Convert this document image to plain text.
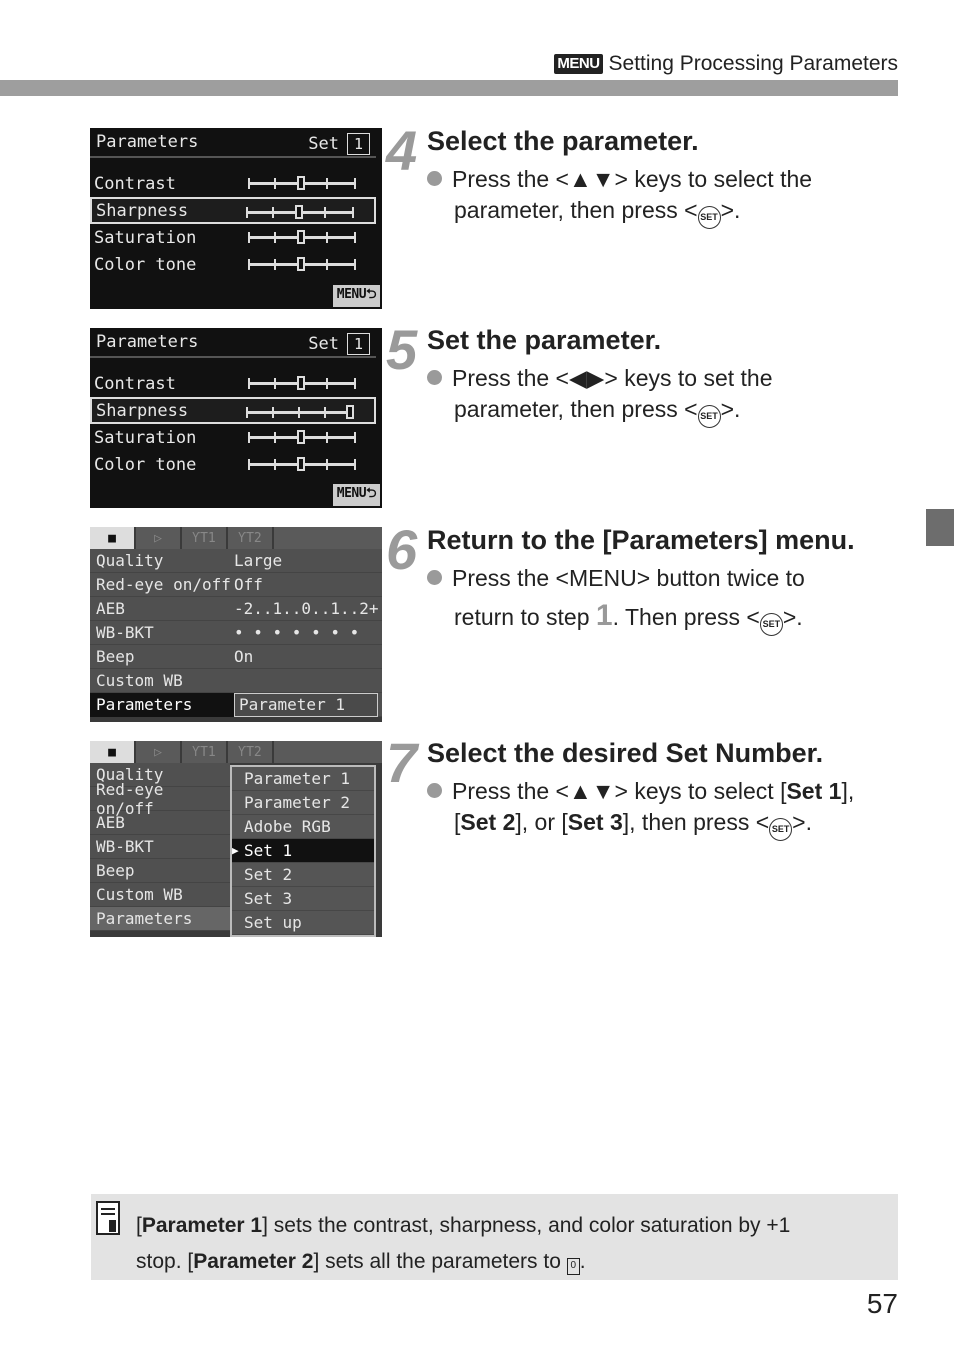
MENU Setting Processing Parameters
Parameters	Set	1
Contrast
Sharpness
Saturation
Color tone
MENU⮌
Parameters	Set	1
Contrast
Sharpness
Saturation
Color tone
MENU⮌
■	▷	ƳT1	ƳT2
Quality	Large
Red-eye on/off Off
AEB	-2..1..0..1..2+
WB-BKT	• • • • • • •
Beep	On
Custom WB
Parameters	Parameter 1
■	▷	ƳT1	ƳT2
Quality
Red-eye on/off
AEB
WB-BKT
Beep
Custom WB
Parameters
Parameter 1
Parameter 2
Adobe RGB
▶ Set 1
Set 2
Set 3
Set up
4 Select the parameter.
Press the <▲▼> keys to select the
parameter, then press < SET >.
5 Set the parameter.
Press the <◀▶> keys to set the
parameter, then press < SET >.
6 Return to the [Parameters] menu.
Press the <MENU> button twice to
return to step 1. Then press < SET >.
7 Select the desired Set Number.
Press the <▲▼> keys to select [Set 1],
[Set 2], or [Set 3], then press < SET >.
[Parameter 1] sets the contrast, sharpness, and color saturation by +1
stop. [Parameter 2] sets all the parameters to 0 .
57
